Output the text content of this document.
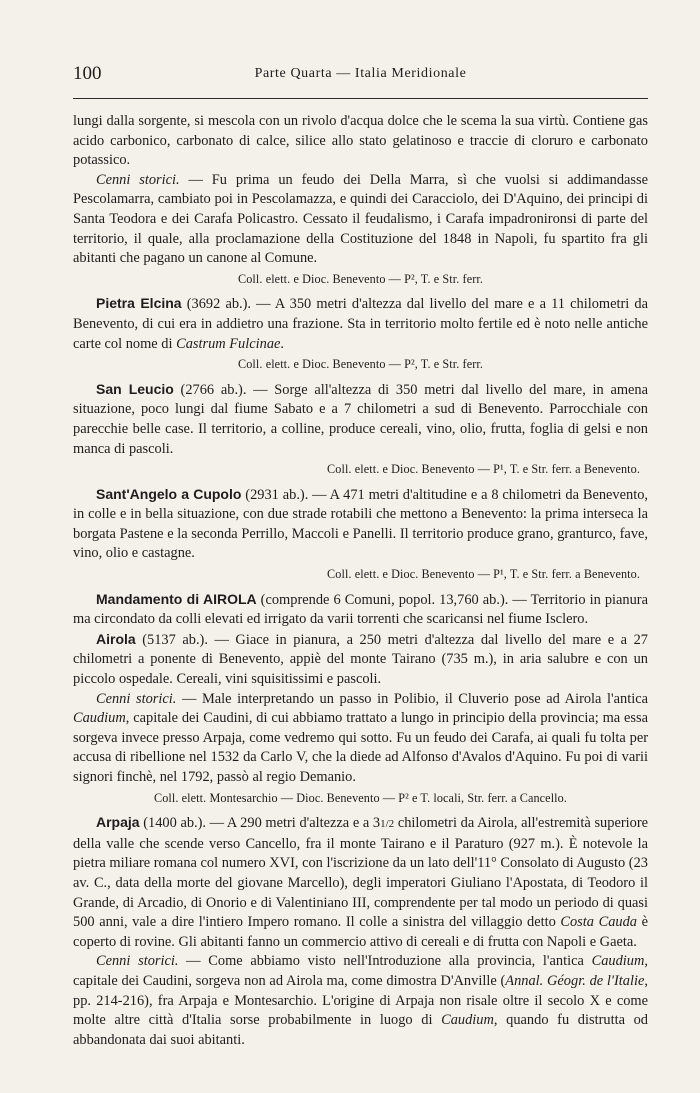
100	Parte Quarta — Italia Meridionale

lungi dalla sorgente, si mescola con un rivolo d'acqua dolce che le scema la sua virtù. Contiene gas acido carbonico, carbonato di calce, silice allo stato gelatinoso e traccie di cloruro e carbonato potassico.

Cenni storici. — Fu prima un feudo dei Della Marra, sì che vuolsi si addimandasse Pescolamarra, cambiato poi in Pescolamazza, e quindi dei Caracciolo, dei D'Aquino, dei principi di Santa Teodora e dei Carafa Policastro. Cessato il feudalismo, i Carafa impadronironsi di parte del territorio, il quale, alla proclamazione della Costituzione del 1848 in Napoli, fu spartito fra gli abitanti che pagano un canone al Comune.

Coll. elett. e Dioc. Benevento — P², T. e Str. ferr.

Pietra Elcina (3692 ab.). — A 350 metri d'altezza dal livello del mare e a 11 chilometri da Benevento, di cui era in addietro una frazione. Sta in territorio molto fertile ed è noto nelle antiche carte col nome di Castrum Fulcinae.

Coll. elett. e Dioc. Benevento — P², T. e Str. ferr.

San Leucio (2766 ab.). — Sorge all'altezza di 350 metri dal livello del mare, in amena situazione, poco lungi dal fiume Sabato e a 7 chilometri a sud di Benevento. Parrocchiale con parecchie belle case. Il territorio, a colline, produce cereali, vino, olio, frutta, foglia di gelsi e non manca di pascoli.

Coll. elett. e Dioc. Benevento — P¹, T. e Str. ferr. a Benevento.

Sant'Angelo a Cupolo (2931 ab.). — A 471 metri d'altitudine e a 8 chilometri da Benevento, in colle e in bella situazione, con due strade rotabili che mettono a Benevento: la prima interseca la borgata Pastene e la seconda Perrillo, Maccoli e Panelli. Il territorio produce grano, granturco, fave, vino, olio e castagne.

Coll. elett. e Dioc. Benevento — P¹, T. e Str. ferr. a Benevento.

Mandamento di AIROLA (comprende 6 Comuni, popol. 13,760 ab.). — Territorio in pianura ma circondato da colli elevati ed irrigato da varii torrenti che scaricansi nel fiume Isclero.

Airola (5137 ab.). — Giace in pianura, a 250 metri d'altezza dal livello del mare e a 27 chilometri a ponente di Benevento, appiè del monte Tairano (735 m.), in aria salubre e con un piccolo ospedale. Cereali, vini squisitissimi e pascoli.

Cenni storici. — Male interpretando un passo in Polibio, il Cluverio pose ad Airola l'antica Caudium, capitale dei Caudini, di cui abbiamo trattato a lungo in principio della provincia; ma essa sorgeva invece presso Arpaja, come vedremo qui sotto. Fu un feudo dei Carafa, ai quali fu tolta per accusa di ribellione nel 1532 da Carlo V, che la diede ad Alfonso d'Avalos d'Aquino. Fu poi di varii signori finchè, nel 1792, passò al regio Demanio.

Coll. elett. Montesarchio — Dioc. Benevento — P² e T. locali, Str. ferr. a Cancello.

Arpaja (1400 ab.). — A 290 metri d'altezza e a 31/2 chilometri da Airola, all'estremità superiore della valle che scende verso Cancello, fra il monte Tairano e il Paraturo (927 m.). È notevole la pietra miliare romana col numero XVI, con l'iscrizione da un lato dell'11° Consolato di Augusto (23 av. C., data della morte del giovane Marcello), degli imperatori Giuliano l'Apostata, di Teodoro il Grande, di Arcadio, di Onorio e di Valentiniano III, comprendente per tal modo un periodo di quasi 500 anni, vale a dire l'intiero Impero romano. Il colle a sinistra del villaggio detto Costa Cauda è coperto di rovine. Gli abitanti fanno un commercio attivo di cereali e di frutta con Napoli e Gaeta.

Cenni storici. — Come abbiamo visto nell'Introduzione alla provincia, l'antica Caudium, capitale dei Caudini, sorgeva non ad Airola ma, come dimostra D'Anville (Annal. Géogr. de l'Italie, pp. 214-216), fra Arpaja e Montesarchio. L'origine di Arpaja non risale oltre il secolo X e come molte altre città d'Italia sorse probabilmente in luogo di Caudium, quando fu distrutta od abbandonata dai suoi abitanti.
